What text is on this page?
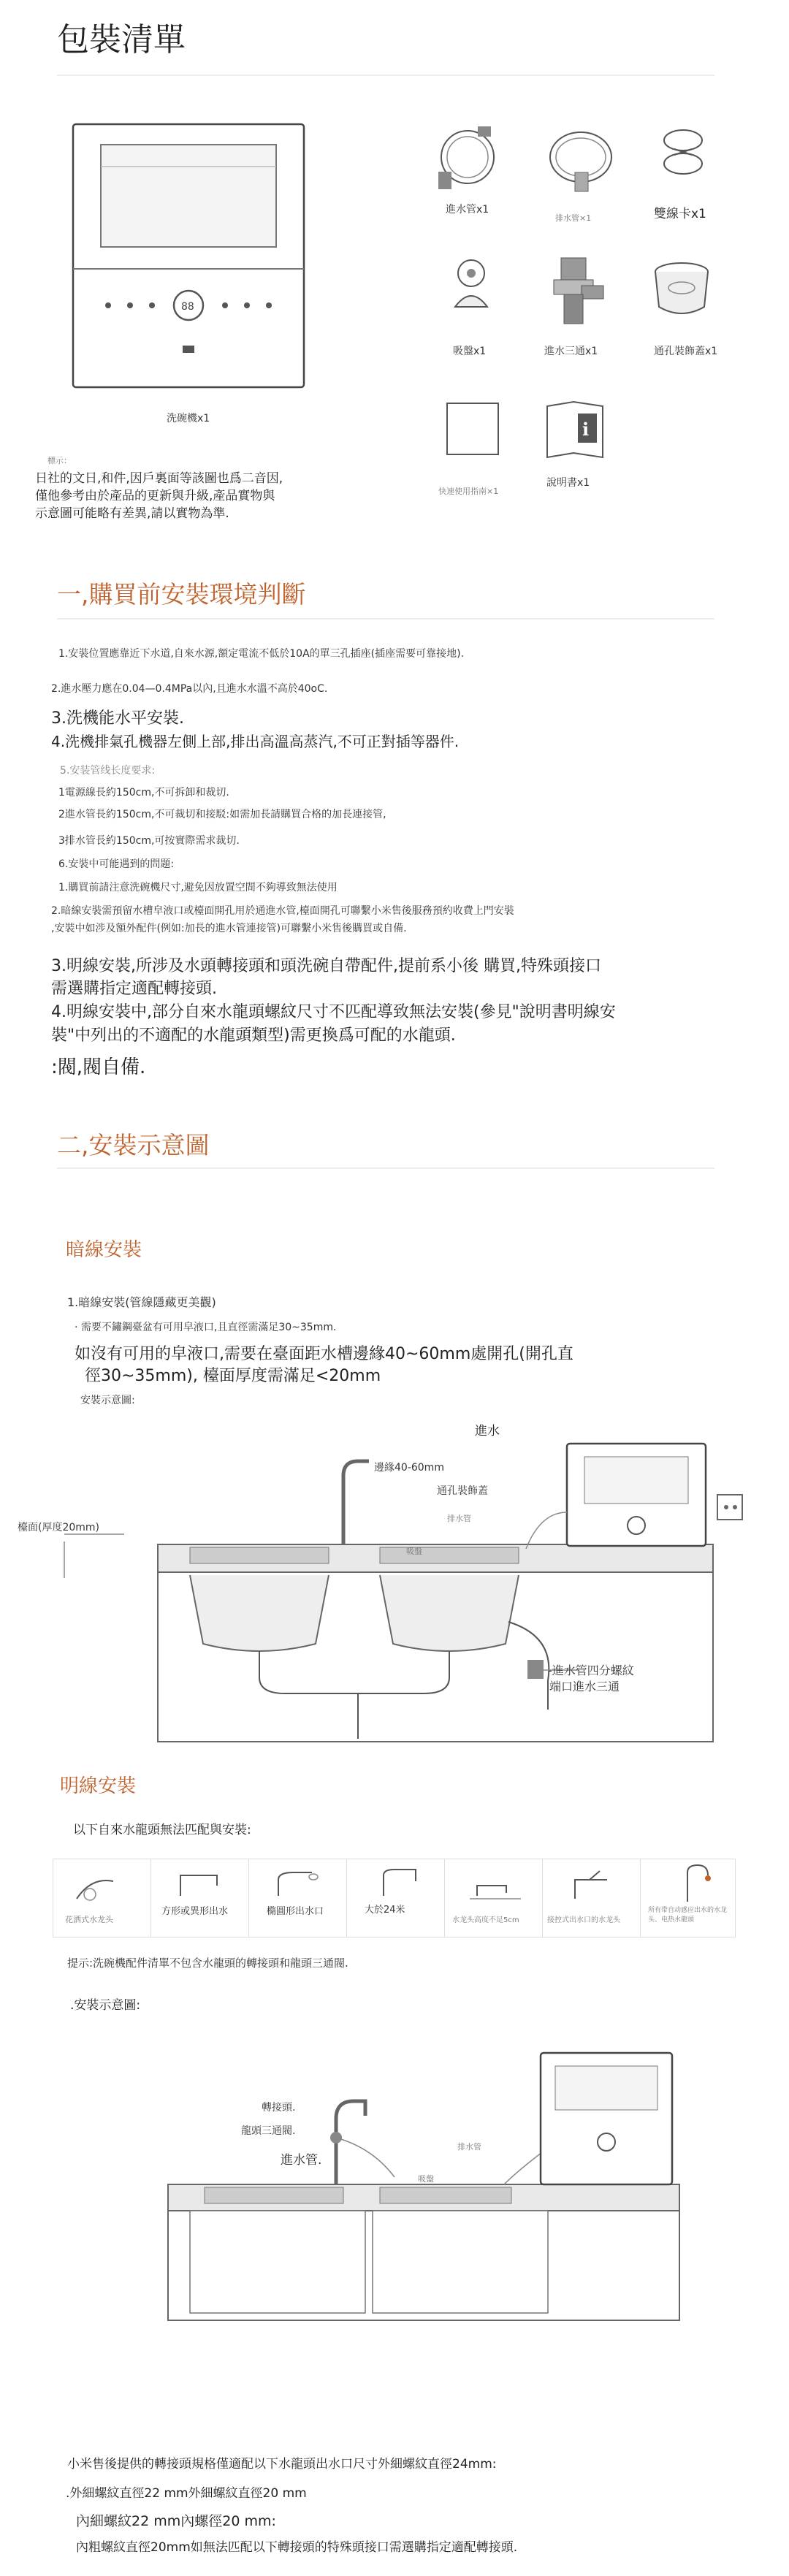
包裝清單
88
洗碗機x1
進水管x1
排水管×1	雙線卡x1
吸盤x1	進水三通x1	通孔裝飾蓋x1
快速使用指南×1
i
說明書x1
標示：
日社的文日,和件,因戶裏面等該圖也爲二音因,
僅他參考由於產品的更新與升級,產品實物與
示意圖可能略有差異,請以實物為準.
一,購買前安裝環境判斷
1.安裝位置應靠近下水道,自來水源,額定電流不低於10A的單三孔插座(插座需要可靠接地).
2.進水壓力應在0.04—0.4MPa以內,且進水水溫不高於40oC.
3.洗機能水平安裝.
4.洗機排氣孔機器左側上部,排出高溫高蒸汽,不可正對插等器件.
5.安装管线长度要求:
1電源線長約150cm,不可拆卸和裁切.
2進水管長約150cm,不可裁切和接駁:如需加長請購買合格的加長連接管,
3排水管長約150cm,可按實際需求裁切.
6.安裝中可能遇到的問題:
1.購買前請注意洗碗機尺寸,避免因放置空間不夠導致無法使用
2.暗線安裝需預留水槽皁液口或檯面開孔用於通進水管,檯面開孔可聯繫小米售後服務預約收費上門安裝
,安裝中如涉及額外配件(例如:加長的進水管連接管)可聯繫小米售後購買或自備.
3.明線安裝,所涉及水頭轉接頭和頭洗碗自帶配件,提前系小後 購買,特殊頭接口
需選購指定適配轉接頭.
4.明線安裝中,部分自來水龍頭螺紋尺寸不匹配導致無法安裝(參見"說明書明線安
裝"中列出的不適配的水龍頭類型)需更換爲可配的水龍頭.
:閥,閥自備.
二,安裝示意圖
暗線安裝
1.暗線安裝(管線隱藏更美觀)
· 需要不鏽鋼臺盆有可用皁液口,且直徑需滿足30~35mm.
如沒有可用的皁液口,需要在臺面距水槽邊緣40~60mm處開孔(開孔直
徑30~35mm), 檯面厚度需滿足<20mm
安裝示意圖:
進水
邊緣40-60mm
通孔裝飾蓋
排水管
吸盤
檯面(厚度20mm)
-進水管四分螺紋
端口進水三通
明線安裝
以下自來水龍頭無法匹配與安裝:
花洒式水龙头
方形或異形出水	橢圓形出水口	大於24米
水龙头高度不足5cm	接控式出水口的水龙头
所有带自动感应出水的水龙头、电热水龍頭
提示:洗碗機配件清單不包含水龍頭的轉接頭和龍頭三通閥.
.安裝示意圖:
轉接頭.
龍頭三通閥.
進水管.
排水管
吸盤
小米售後提供的轉接頭規格僅適配以下水龍頭出水口尺寸外細螺紋直徑24mm:
.外細螺紋直徑22 mm外細螺紋直徑20 mm
內細螺紋22 mm內螺徑20 mm:
內粗螺紋直徑20mm如無法匹配以下轉接頭的特殊頭接口需選購指定適配轉接頭.
